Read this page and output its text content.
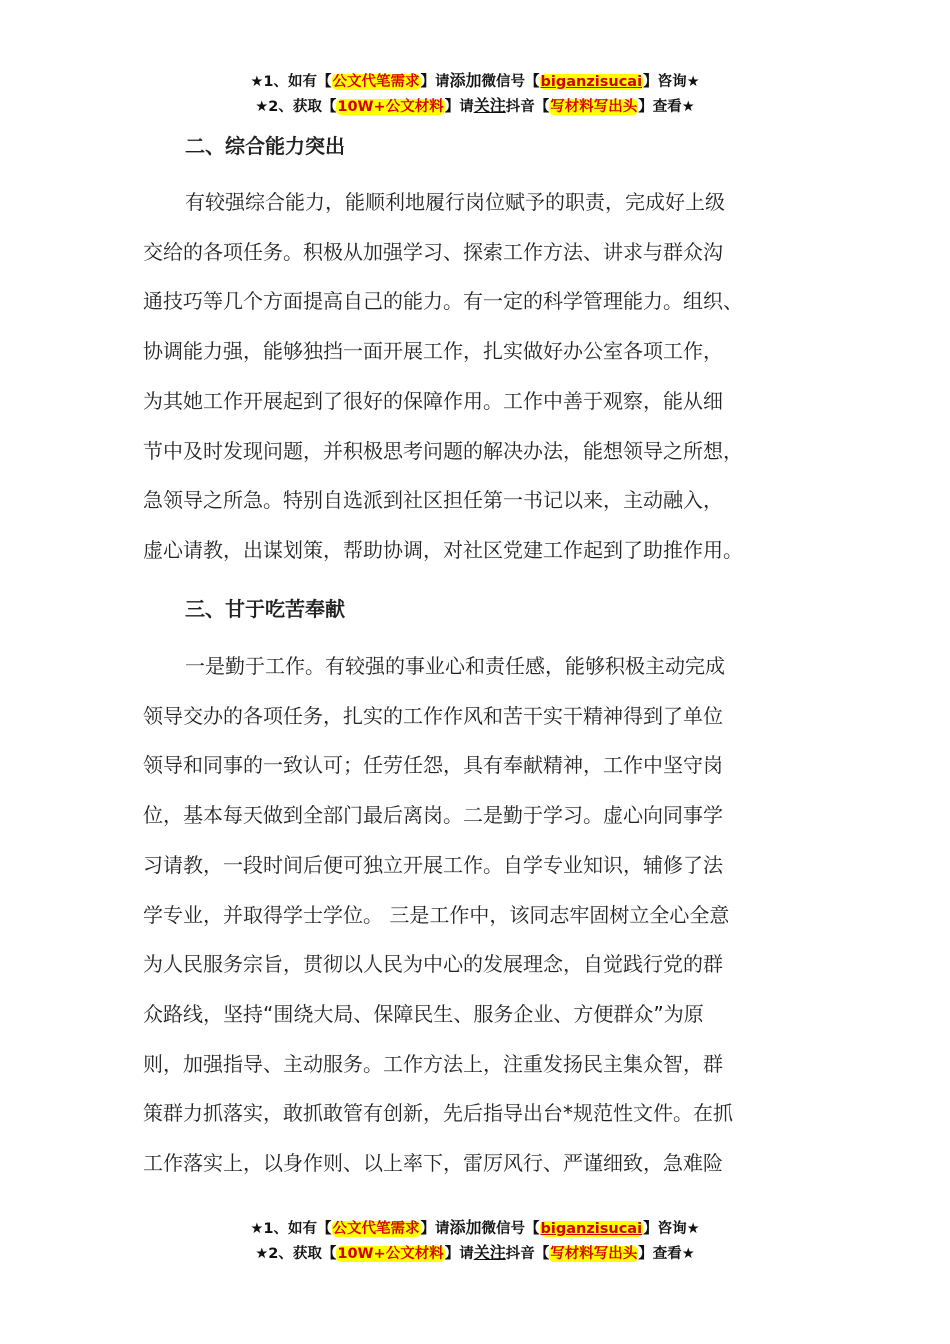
★1、如有【公文代笔需求】请添加微信号【biganzisucai】咨询★
★2、获取【10W+公文材料】请关注抖音【写材料写出头】查看★
二、综合能力突出

有较强综合能力，能顺利地履行岗位赋予的职责，完成好上级
交给的各项任务。积极从加强学习、探索工作方法、讲求与群众沟
通技巧等几个方面提高自己的能力。有一定的科学管理能力。组织、
协调能力强，能够独挡一面开展工作，扎实做好办公室各项工作，
为其她工作开展起到了很好的保障作用。工作中善于观察，能从细
节中及时发现问题，并积极思考问题的解决办法，能想领导之所想，
急领导之所急。特别自选派到社区担任第一书记以来，主动融入，
虚心请教，出谋划策，帮助协调，对社区党建工作起到了助推作用。

三、甘于吃苦奉献

一是勤于工作。有较强的事业心和责任感，能够积极主动完成
领导交办的各项任务，扎实的工作作风和苦干实干精神得到了单位
领导和同事的一致认可；任劳任怨，具有奉献精神，工作中坚守岗
位，基本每天做到全部门最后离岗。二是勤于学习。虚心向同事学
习请教，一段时间后便可独立开展工作。自学专业知识，辅修了法
学专业，并取得学士学位。 三是工作中，该同志牢固树立全心全意
为人民服务宗旨，贯彻以人民为中心的发展理念，自觉践行党的群
众路线，坚持“围绕大局、保障民生、服务企业、方便群众”为原
则，加强指导、主动服务。工作方法上，注重发扬民主集众智，群
策群力抓落实，敢抓敢管有创新，先后指导出台*规范性文件。在抓
工作落实上，以身作则、以上率下，雷厉风行、严谨细致，急难险

★1、如有【公文代笔需求】请添加微信号【biganzisucai】咨询★
★2、获取【10W+公文材料】请关注抖音【写材料写出头】查看★
